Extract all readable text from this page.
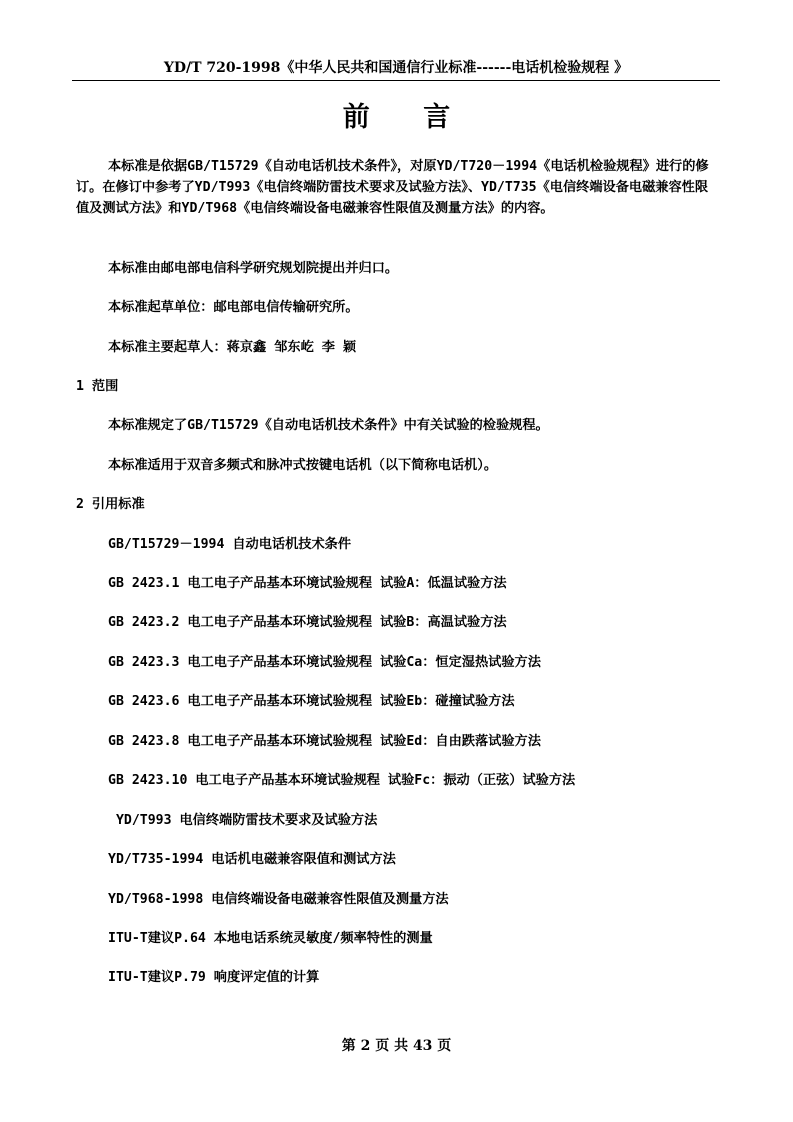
YD/T 720-1998《中华人民共和国通信行业标准------电话机检验规程 》
前 言
本标准是依据GB/T15729《自动电话机技术条件》，对原YD/T720－1994《电话机检验规程》进行的修订。在修订中参考了YD/T993《电信终端防雷技术要求及试验方法》、YD/T735《电信终端设备电磁兼容性限值及测试方法》和YD/T968《电信终端设备电磁兼容性限值及测量方法》的内容。
本标准由邮电部电信科学研究规划院提出并归口。
本标准起草单位：邮电部电信传输研究所。
本标准主要起草人：蒋京鑫 邹东屹 李 颖
1 范围
本标准规定了GB/T15729《自动电话机技术条件》中有关试验的检验规程。
本标准适用于双音多频式和脉冲式按键电话机（以下简称电话机）。
2 引用标准
GB/T15729－1994 自动电话机技术条件
GB 2423.1 电工电子产品基本环境试验规程 试验A：低温试验方法
GB 2423.2 电工电子产品基本环境试验规程 试验B：高温试验方法
GB 2423.3 电工电子产品基本环境试验规程 试验Ca：恒定湿热试验方法
GB 2423.6 电工电子产品基本环境试验规程 试验Eb：碰撞试验方法
GB 2423.8 电工电子产品基本环境试验规程 试验Ed：自由跌落试验方法
GB 2423.10 电工电子产品基本环境试验规程 试验Fc：振动（正弦）试验方法
YD/T993 电信终端防雷技术要求及试验方法
YD/T735-1994 电话机电磁兼容限值和测试方法
YD/T968-1998 电信终端设备电磁兼容性限值及测量方法
ITU-T建议P.64 本地电话系统灵敏度/频率特性的测量
ITU-T建议P.79 响度评定值的计算
第 2 页 共 43 页
